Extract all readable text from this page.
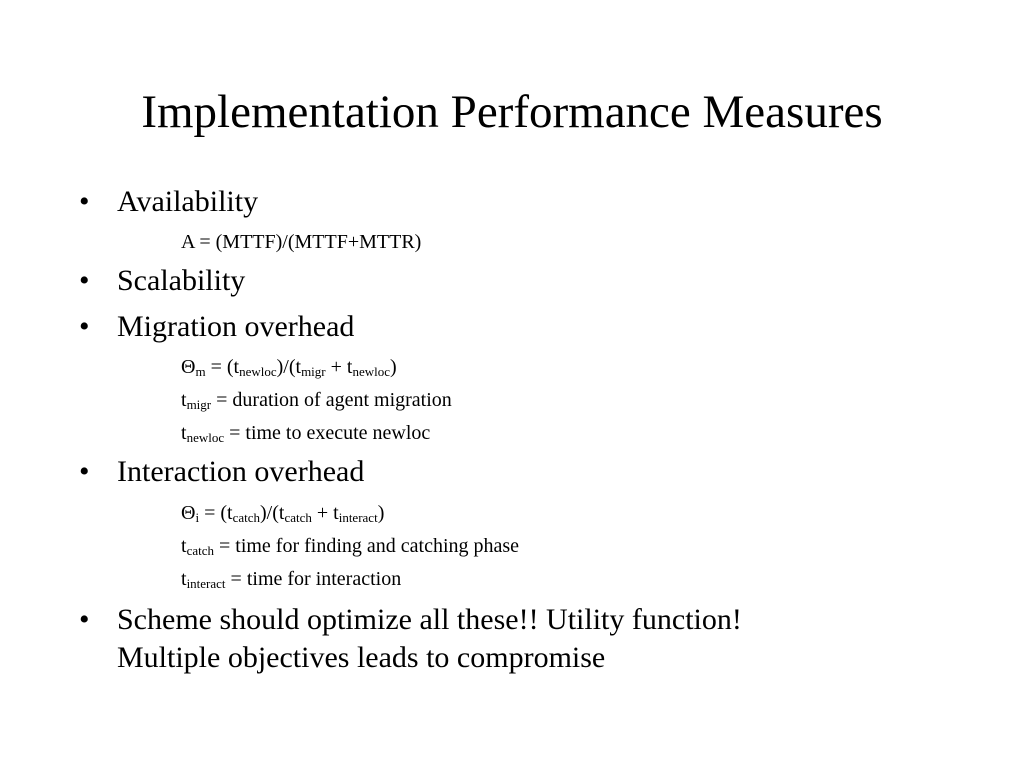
Implementation Performance Measures
• Availability
A = (MTTF)/(MTTF+MTTR)
• Scalability
• Migration overhead
$\Theta_m = (t_{newloc})/(t_{migr} + t_{newloc})$
$t_{migr}$ = duration of agent migration
$t_{newloc}$ = time to execute newloc
• Interaction overhead
$\Theta_i = (t_{catch})/(t_{catch} + t_{interact})$
$t_{catch}$ = time for finding and catching phase
$t_{interact}$ = time for interaction
• Scheme should optimize all these!! Utility function!
Multiple objectives leads to compromise
